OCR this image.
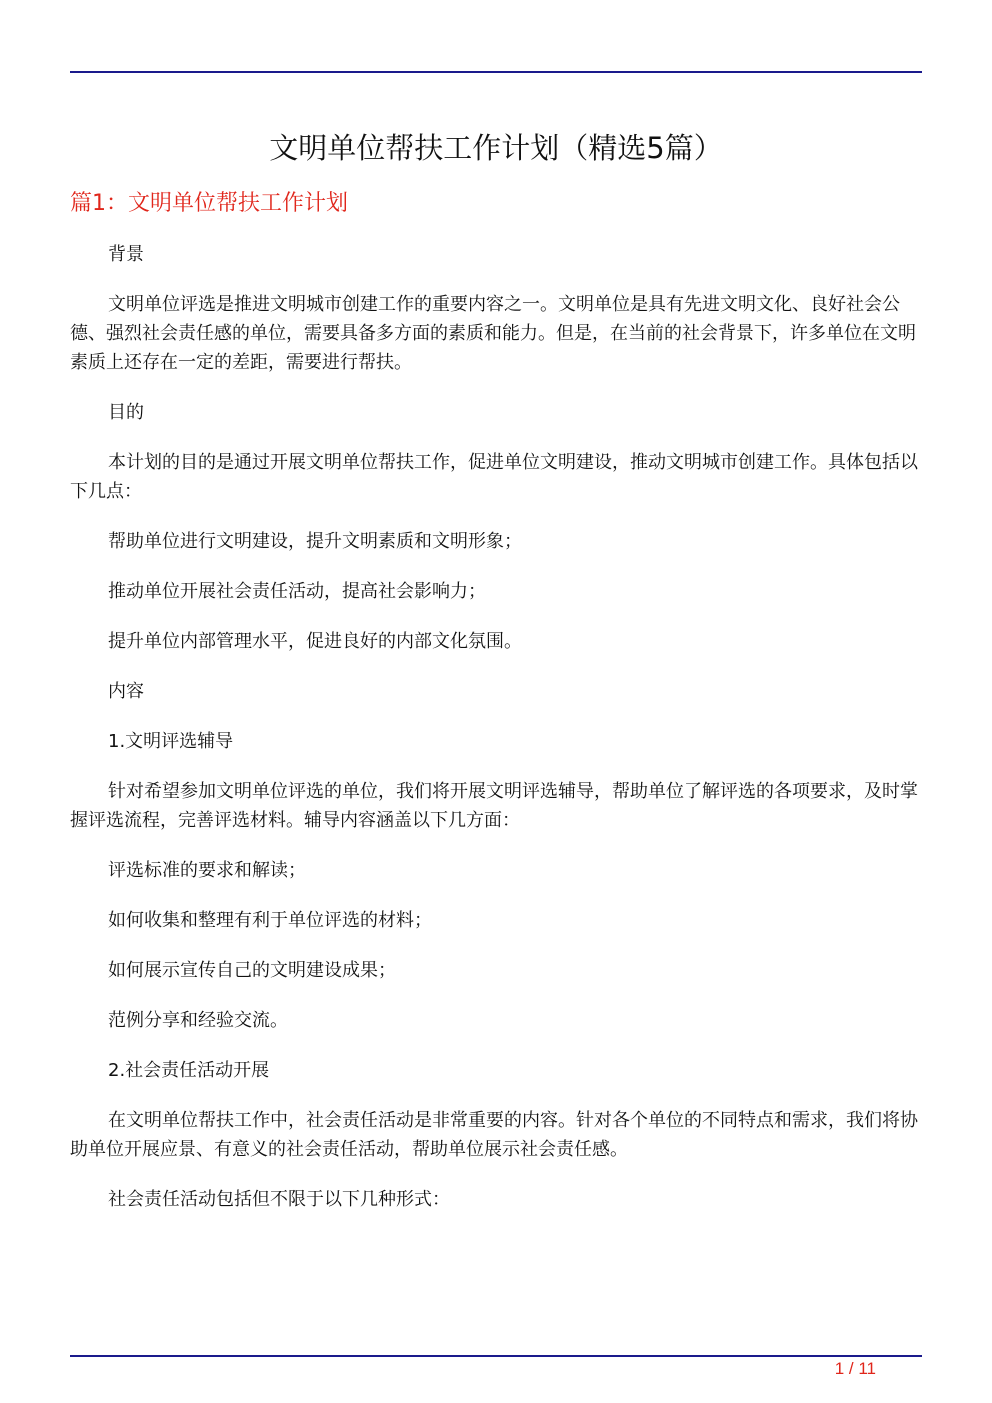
文明单位帮扶工作计划（精选5篇）
篇1：文明单位帮扶工作计划

背景

文明单位评选是推进文明城市创建工作的重要内容之一。文明单位是具有先进文明文化、良好社会公德、强烈社会责任感的单位，需要具备多方面的素质和能力。但是，在当前的社会背景下，许多单位在文明素质上还存在一定的差距，需要进行帮扶。

目的

本计划的目的是通过开展文明单位帮扶工作，促进单位文明建设，推动文明城市创建工作。具体包括以下几点：

帮助单位进行文明建设，提升文明素质和文明形象；

推动单位开展社会责任活动，提高社会影响力；

提升单位内部管理水平，促进良好的内部文化氛围。

内容

1.文明评选辅导

针对希望参加文明单位评选的单位，我们将开展文明评选辅导，帮助单位了解评选的各项要求，及时掌握评选流程，完善评选材料。辅导内容涵盖以下几方面：

评选标准的要求和解读；

如何收集和整理有利于单位评选的材料；

如何展示宣传自己的文明建设成果；

范例分享和经验交流。

2.社会责任活动开展

在文明单位帮扶工作中，社会责任活动是非常重要的内容。针对各个单位的不同特点和需求，我们将协助单位开展应景、有意义的社会责任活动，帮助单位展示社会责任感。

社会责任活动包括但不限于以下几种形式：

1 / 11
